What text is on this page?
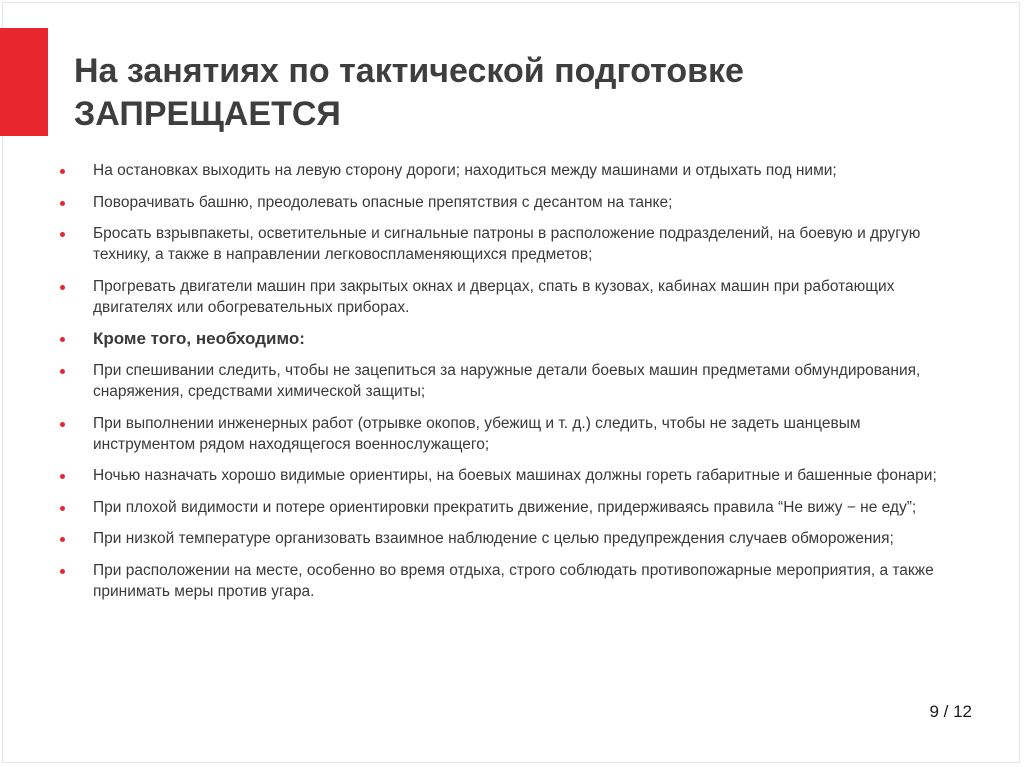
На занятиях по тактической подготовке
ЗАПРЕЩАЕТСЯ
На остановках выходить на левую сторону дороги; находиться между машинами и отдыхать под ними;
Поворачивать башню, преодолевать опасные препятствия с десантом на танке;
Бросать взрывпакеты, осветительные и сигнальные патроны в расположение подразделений, на боевую и другую технику, а также в направлении легковоспламеняющихся предметов;
Прогревать двигатели машин при закрытых окнах и дверцах, спать в кузовах, кабинах машин при работающих двигателях или обогревательных приборах.
Кроме того, необходимо:
При спешивании следить, чтобы не зацепиться за наружные детали боевых машин предметами обмундирования, снаряжения, средствами химической защиты;
При выполнении инженерных работ (отрывке окопов, убежищ и т. д.) следить, чтобы не задеть шанцевым инструментом рядом находящегося военнослужащего;
Ночью назначать хорошо видимые ориентиры, на боевых машинах должны гореть габаритные и башенные фонари;
При плохой видимости и потере ориентировки прекратить движение, придерживаясь правила “Не вижу − не еду”;
При низкой температуре организовать взаимное наблюдение с целью предупреждения случаев обморожения;
При расположении на месте, особенно во время отдыха, строго соблюдать противопожарные мероприятия, а также принимать меры против угара.
9 / 12
